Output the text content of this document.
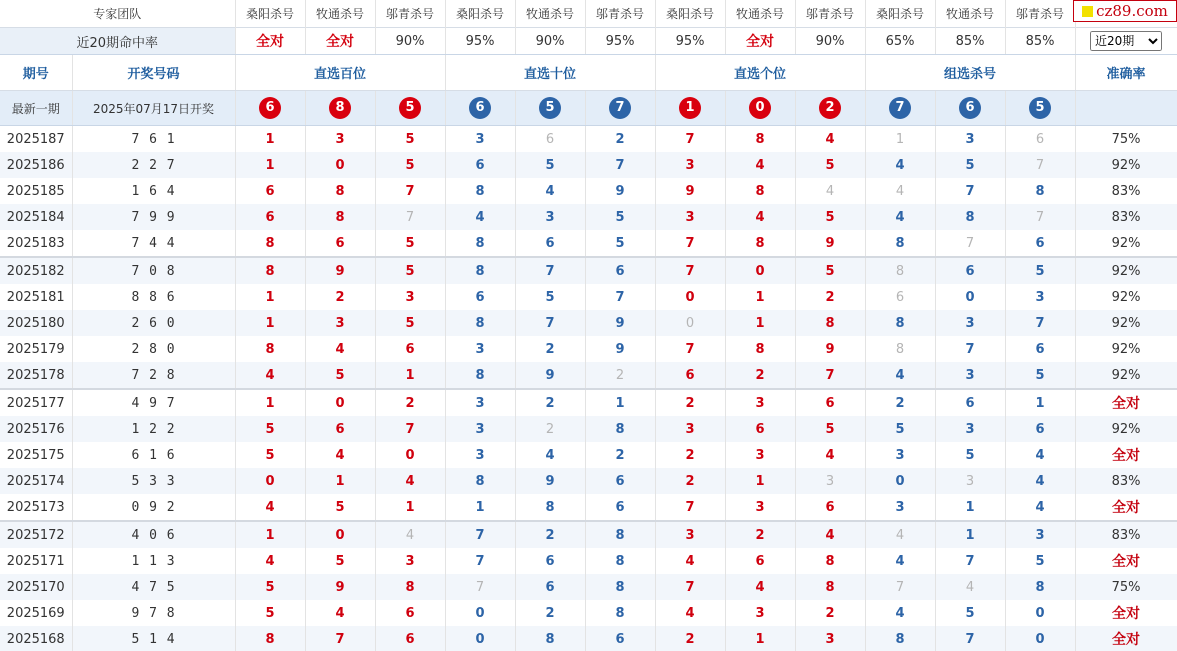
专家团队		桑阳杀号	牧通杀号	邬青杀号	桑阳杀号	牧通杀号	邬青杀号	桑阳杀号	牧通杀号	邬青杀号	桑阳杀号	牧通杀号	邬青杀号	
近20期命中率		全对	全对	90%	95%	90%	95%	95%	全对	90%	65%	85%	85%	
近20期
期号	开奖号码	直选百位			直选十位			直选个位			组选杀号			准确率
最新一期	2025年07月17日开奖	6	8	5	6	5	7	1	0	2	7	6	5	
2025187	7 6 1	1	3	5	3	6	2	7	8	4	1	3	6	75%
2025186	2 2 7	1	0	5	6	5	7	3	4	5	4	5	7	92%
2025185	1 6 4	6	8	7	8	4	9	9	8	4	4	7	8	83%
2025184	7 9 9	6	8	7	4	3	5	3	4	5	4	8	7	83%
2025183	7 4 4	8	6	5	8	6	5	7	8	9	8	7	6	92%
2025182	7 0 8	8	9	5	8	7	6	7	0	5	8	6	5	92%
2025181	8 8 6	1	2	3	6	5	7	0	1	2	6	0	3	92%
2025180	2 6 0	1	3	5	8	7	9	0	1	8	8	3	7	92%
2025179	2 8 0	8	4	6	3	2	9	7	8	9	8	7	6	92%
2025178	7 2 8	4	5	1	8	9	2	6	2	7	4	3	5	92%
2025177	4 9 7	1	0	2	3	2	1	2	3	6	2	6	1	全对
2025176	1 2 2	5	6	7	3	2	8	3	6	5	5	3	6	92%
2025175	6 1 6	5	4	0	3	4	2	2	3	4	3	5	4	全对
2025174	5 3 3	0	1	4	8	9	6	2	1	3	0	3	4	83%
2025173	0 9 2	4	5	1	1	8	6	7	3	6	3	1	4	全对
2025172	4 0 6	1	0	4	7	2	8	3	2	4	4	1	3	83%
2025171	1 1 3	4	5	3	7	6	8	4	6	8	4	7	5	全对
2025170	4 7 5	5	9	8	7	6	8	7	4	8	7	4	8	75%
2025169	9 7 8	5	4	6	0	2	8	4	3	2	4	5	0	全对
2025168	5 1 4	8	7	6	0	8	6	2	1	3	8	7	0	全对
cz89.com
